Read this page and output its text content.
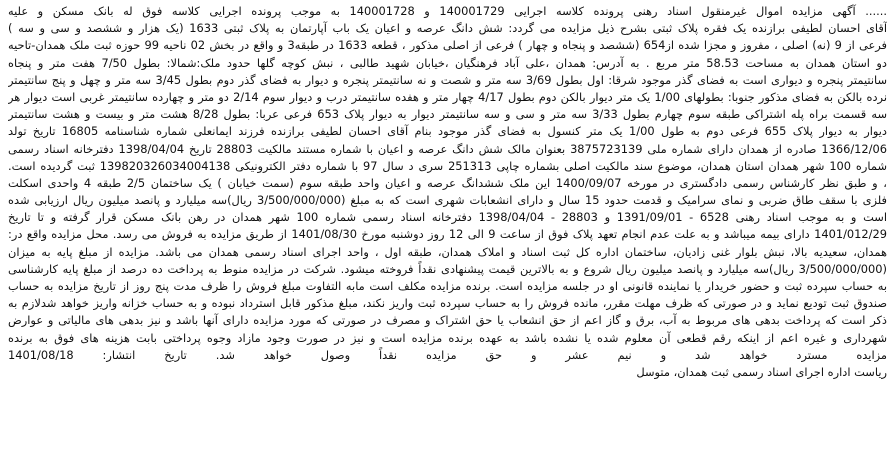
...... آگهی مزایده اموال غیرمنقول اسناد رهنی پرونده کلاسه اجرایی 140001729 و 140001728 به موجب پرونده اجرایی کلاسه فوق له بانک مسکن و علیه
آقای احسان لطیفی برازنده یک فقره پلاک ثبتی بشرح ذیل مزایده می گردد: شش دانگ عرصه و اعیان یک باب آپارتمان به پلاک ثبتی 1633 (یک هزار و ششصد و سی و سه )
فرعی از 9 (نه) اصلی ، مفروز و مجزا شده از654 (ششصد و پنجاه و چهار ) فرعی از اصلی مذکور ، قطعه 1633 در طبقه3 و واقع در بخش 02 ناحیه 99 حوزه ثبت ملک همدان-تاحیه
دو استان همدان به مساحت 58.53 متر مربع . به آدرس: همدان ،علی آباد فرهنگیان ،خیابان شهید طالبی ، نبش کوچه گلها حدود ملک:شمالا: بطول 7/50 هفت متر و پنجاه
سانتیمتر پنجره و دیواری است به فضای گذر موجود شرقا: اول بطول 3/69 سه متر و شصت و نه سانتیمتر پنجره و دیوار به فضای گذر دوم بطول 3/45 سه متر و چهل و پنج سانتیمتر
نرده بالکن به فضای مذکور جنوبا: بطولهای 1/00 یک متر دیوار بالکن دوم بطول 4/17 چهار متر و هفده سانتیمتر درب و دیوار سوم 2/14 دو متر و چهارده سانتیمتر غربی است دیوار هر
سه قسمت براه پله اشتراکی طبقه سوم چهارم بطول 3/33 سه متر و سی و سه سانتیمتر دیوار به دیوار پلاک 653 فرعی عربا: بطول 8/28 هشت متر و بیست و هشت سانتیمتر
دیوار به دیوار پلاک 655 فرعی دوم به طول 1/00 یک متر کنسول به فضای گذر موجود بنام آقای احسان لطیفی برازنده فرزند ایمانعلی شماره شناسنامه 16805 تاریخ تولد
1366/12/06 صادره از همدان دارای شماره ملی 3875723139 بعنوان مالک شش دانگ عرصه و اعیان با شماره مستند مالکیت 28803 تاریخ 1398/04/04 دفترخانه اسناد رسمی
شماره 100 شهر همدان استان همدان، موضوع سند مالکیت اصلی بشماره چاپی 251313 سری د سال 97 با شماره دفتر الکترونیکی 139820326034004138 ثبت گردیده است.
، و طبق نظر کارشناس رسمی دادگستری در مورخه 1400/09/07 این ملک ششدانگ عرصه و اعیان واحد طبقه سوم (سمت خیابان ) یک ساختمان 2/5 طبقه 4 واحدی اسکلت
فلزی با سقف طاق ضربی و نمای سرامیک و قدمت حدود 15 سال و دارای انشعابات شهری است که به مبلغ (3/500/000/000 ریال)سه میلیارد و پانصد میلیون ریال ارزیابی شده
است و به موجب اسناد رهنی 6528 - 1391/09/01 و 28803 - 1398/04/04 دفترخانه اسناد رسمی شماره 100 شهر همدان در رهن بانک مسکن قرار گرفته و تا تاریخ
1401/012/29 دارای بیمه میباشد و به علت عدم انجام تعهد پلاک فوق از ساعت 9 الی 12 روز دوشنبه مورخ 1401/08/30 از طریق مزایده به فروش می رسد. محل مزایده واقع در:
همدان، سعیدیه بالا، نبش بلوار غنی زادیان، ساختمان اداره کل ثبت اسناد و املاک همدان، طبقه اول ، واحد اجرای اسناد رسمی همدان می باشد. مزایده از مبلغ پایه به میزان
(3/500/000/000 ریال)سه میلیارد و پانصد میلیون ریال شروع و به بالاترین قیمت پیشنهادی نقداً فروخته میشود. شرکت در مزایده منوط به پرداخت ده درصد از مبلغ پایه کارشناسی
به حساب سپرده ثبت و حضور خریدار یا نماینده قانونی او در جلسه مزایده است. برنده مزایده مکلف است مابه التفاوت مبلغ فروش را ظرف مدت پنج روز از تاریخ مزایده به حساب
صندوق ثبت تودیع نماید و در صورتی که ظرف مهلت مقرر، مانده فروش را به حساب سپرده ثبت واریز نکند، مبلغ مذکور قابل استرداد نبوده و به حساب خزانه واریز خواهد شدلازم به
ذکر است که پرداخت بدهی های مربوط به آب، برق و گاز اعم از حق انشعاب یا حق اشتراک و مصرف در صورتی که مورد مزایده دارای آنها باشد و نیز بدهی های مالیاتی و عوارض
شهرداری و غیره اعم از اینکه رقم قطعی آن معلوم شده یا نشده باشد به عهده برنده مزایده است و نیز در صورت وجود مازاد وجوه پرداختی بابت هزینه های فوق به برنده
مزایده مسترد خواهد شد و نیم عشر و حق مزایده نقداً وصول خواهد شد. تاریخ انتشار: 1401/08/18
ریاست اداره اجرای اسناد رسمی ثبت همدان، متوسل
